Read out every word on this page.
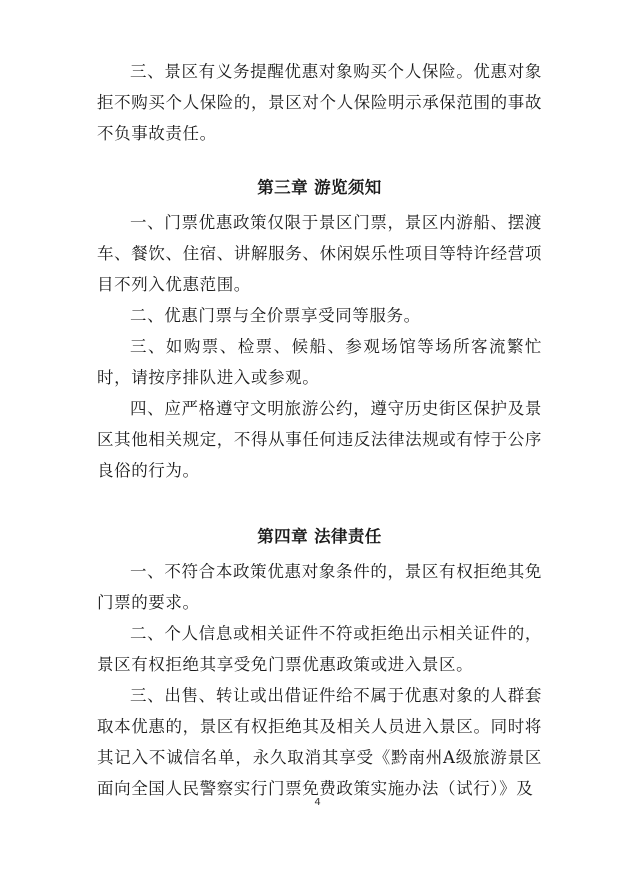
三、景区有义务提醒优惠对象购买个人保险。优惠对象拒不购买个人保险的，景区对个人保险明示承保范围的事故不负事故责任。

第三章 游览须知

一、门票优惠政策仅限于景区门票，景区内游船、摆渡车、餐饮、住宿、讲解服务、休闲娱乐性项目等特许经营项目不列入优惠范围。

二、优惠门票与全价票享受同等服务。

三、如购票、检票、候船、参观场馆等场所客流繁忙时，请按序排队进入或参观。

四、应严格遵守文明旅游公约，遵守历史街区保护及景区其他相关规定，不得从事任何违反法律法规或有悖于公序良俗的行为。

第四章 法律责任

一、不符合本政策优惠对象条件的，景区有权拒绝其免门票的要求。

二、个人信息或相关证件不符或拒绝出示相关证件的，景区有权拒绝其享受免门票优惠政策或进入景区。

三、出售、转让或出借证件给不属于优惠对象的人群套取本优惠的，景区有权拒绝其及相关人员进入景区。同时将其记入不诚信名单，永久取消其享受《黔南州A级旅游景区面向全国人民警察实行门票免费政策实施办法（试行）》及

4
